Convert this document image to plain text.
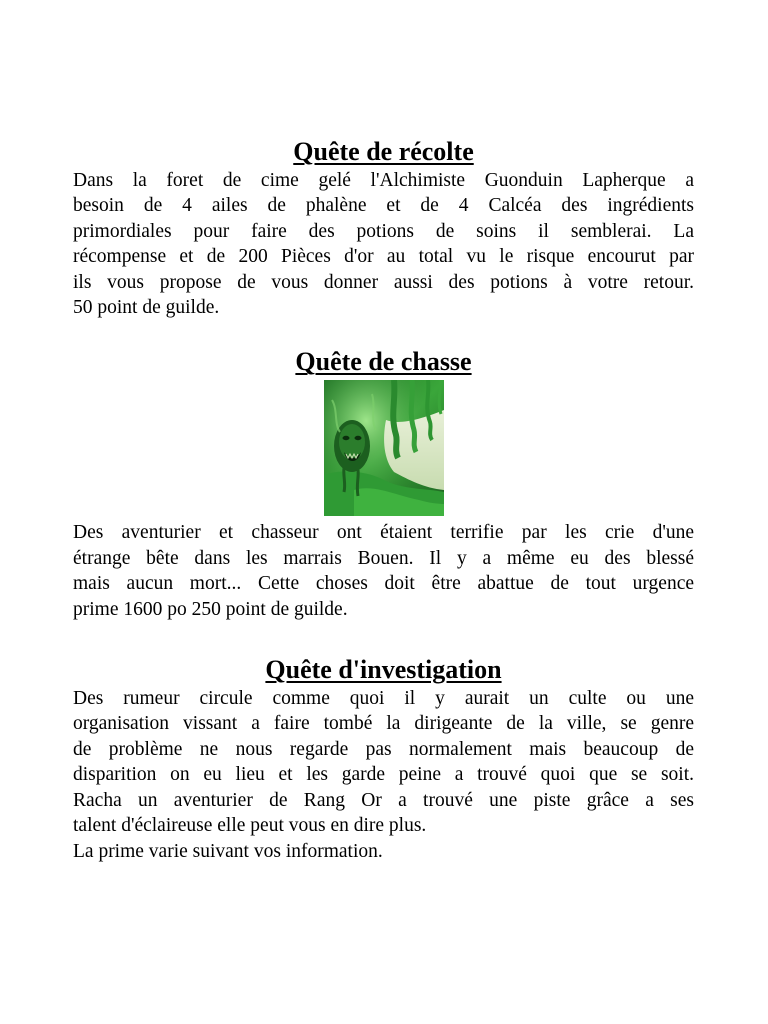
Quête de récolte

Dans la foret de cime gelé l'Alchimiste Guonduin Lapherque a
besoin de 4 ailes de phalène et de 4 Calcéa des ingrédients
primordiales pour faire des potions de soins il semblerai. La
récompense et de 200 Pièces d'or au total vu le risque encourut par
ils vous propose de vous donner aussi des potions à votre retour.
50 point de guilde.

Quête de chasse

Des aventurier et chasseur ont étaient terrifie par les crie d'une
étrange bête dans les marrais Bouen. Il y a même eu des blessé
mais aucun mort... Cette choses doit être abattue de tout urgence
prime 1600 po 250 point de guilde.

Quête d'investigation

Des rumeur circule comme quoi il y aurait un culte ou une
organisation vissant a faire tombé la dirigeante de la ville, se genre
de problème ne nous regarde pas normalement mais beaucoup de
disparition on eu lieu et les garde peine a trouvé quoi que se soit.
Racha un aventurier de Rang Or a trouvé une piste grâce a ses
talent d'éclaireuse elle peut vous en dire plus.
La prime varie suivant vos information.
